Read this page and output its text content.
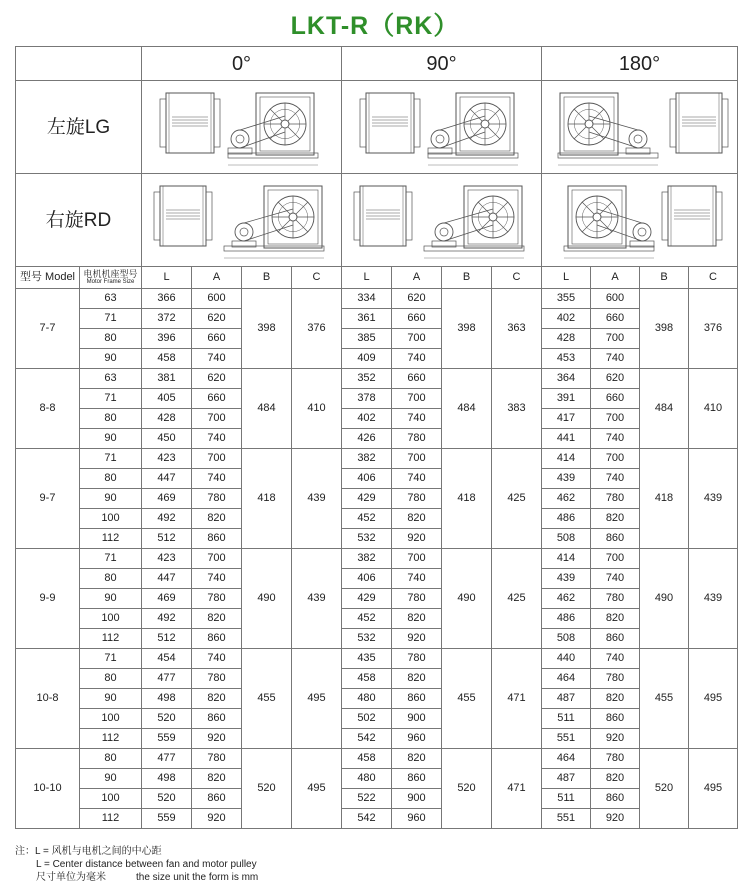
LKT-R（RK）
		0°				90°				180°			
左旋LG	

右旋RD	

型号 Model	电机机座型号
Motor Frame Size	L	A	B	C	L	A	B	C	L	A	B	C
7-7	63	366	600	398	376	334	620	398	363	355	600	398	376
	71	372	620			361	660			402	660		
	80	396	660			385	700			428	700		
	90	458	740			409	740			453	740		
8-8	63	381	620	484	410	352	660	484	383	364	620	484	410
	71	405	660			378	700			391	660		
	80	428	700			402	740			417	700		
	90	450	740			426	780			441	740		
9-7	71	423	700	418	439	382	700	418	425	414	700	418	439
	80	447	740			406	740			439	740		
	90	469	780			429	780			462	780		
	100	492	820			452	820			486	820		
	112	512	860			532	920			508	860		
9-9	71	423	700	490	439	382	700	490	425	414	700	490	439
	80	447	740			406	740			439	740		
	90	469	780			429	780			462	780		
	100	492	820			452	820			486	820		
	112	512	860			532	920			508	860		
10-8	71	454	740	455	495	435	780	455	471	440	740	455	495
	80	477	780			458	820			464	780		
	90	498	820			480	860			487	820		
	100	520	860			502	900			511	860		
	112	559	920			542	960			551	920		
10-10	80	477	780	520	495	458	820	520	471	464	780	520	495
	90	498	820			480	860			487	820		
	100	520	860			522	900			511	860		
	112	559	920			542	960			551	920		
注：L = 风机与电机之间的中心距
L = Center distance between fan and motor pulley
尺寸单位为毫米	the size unit the form is mm
